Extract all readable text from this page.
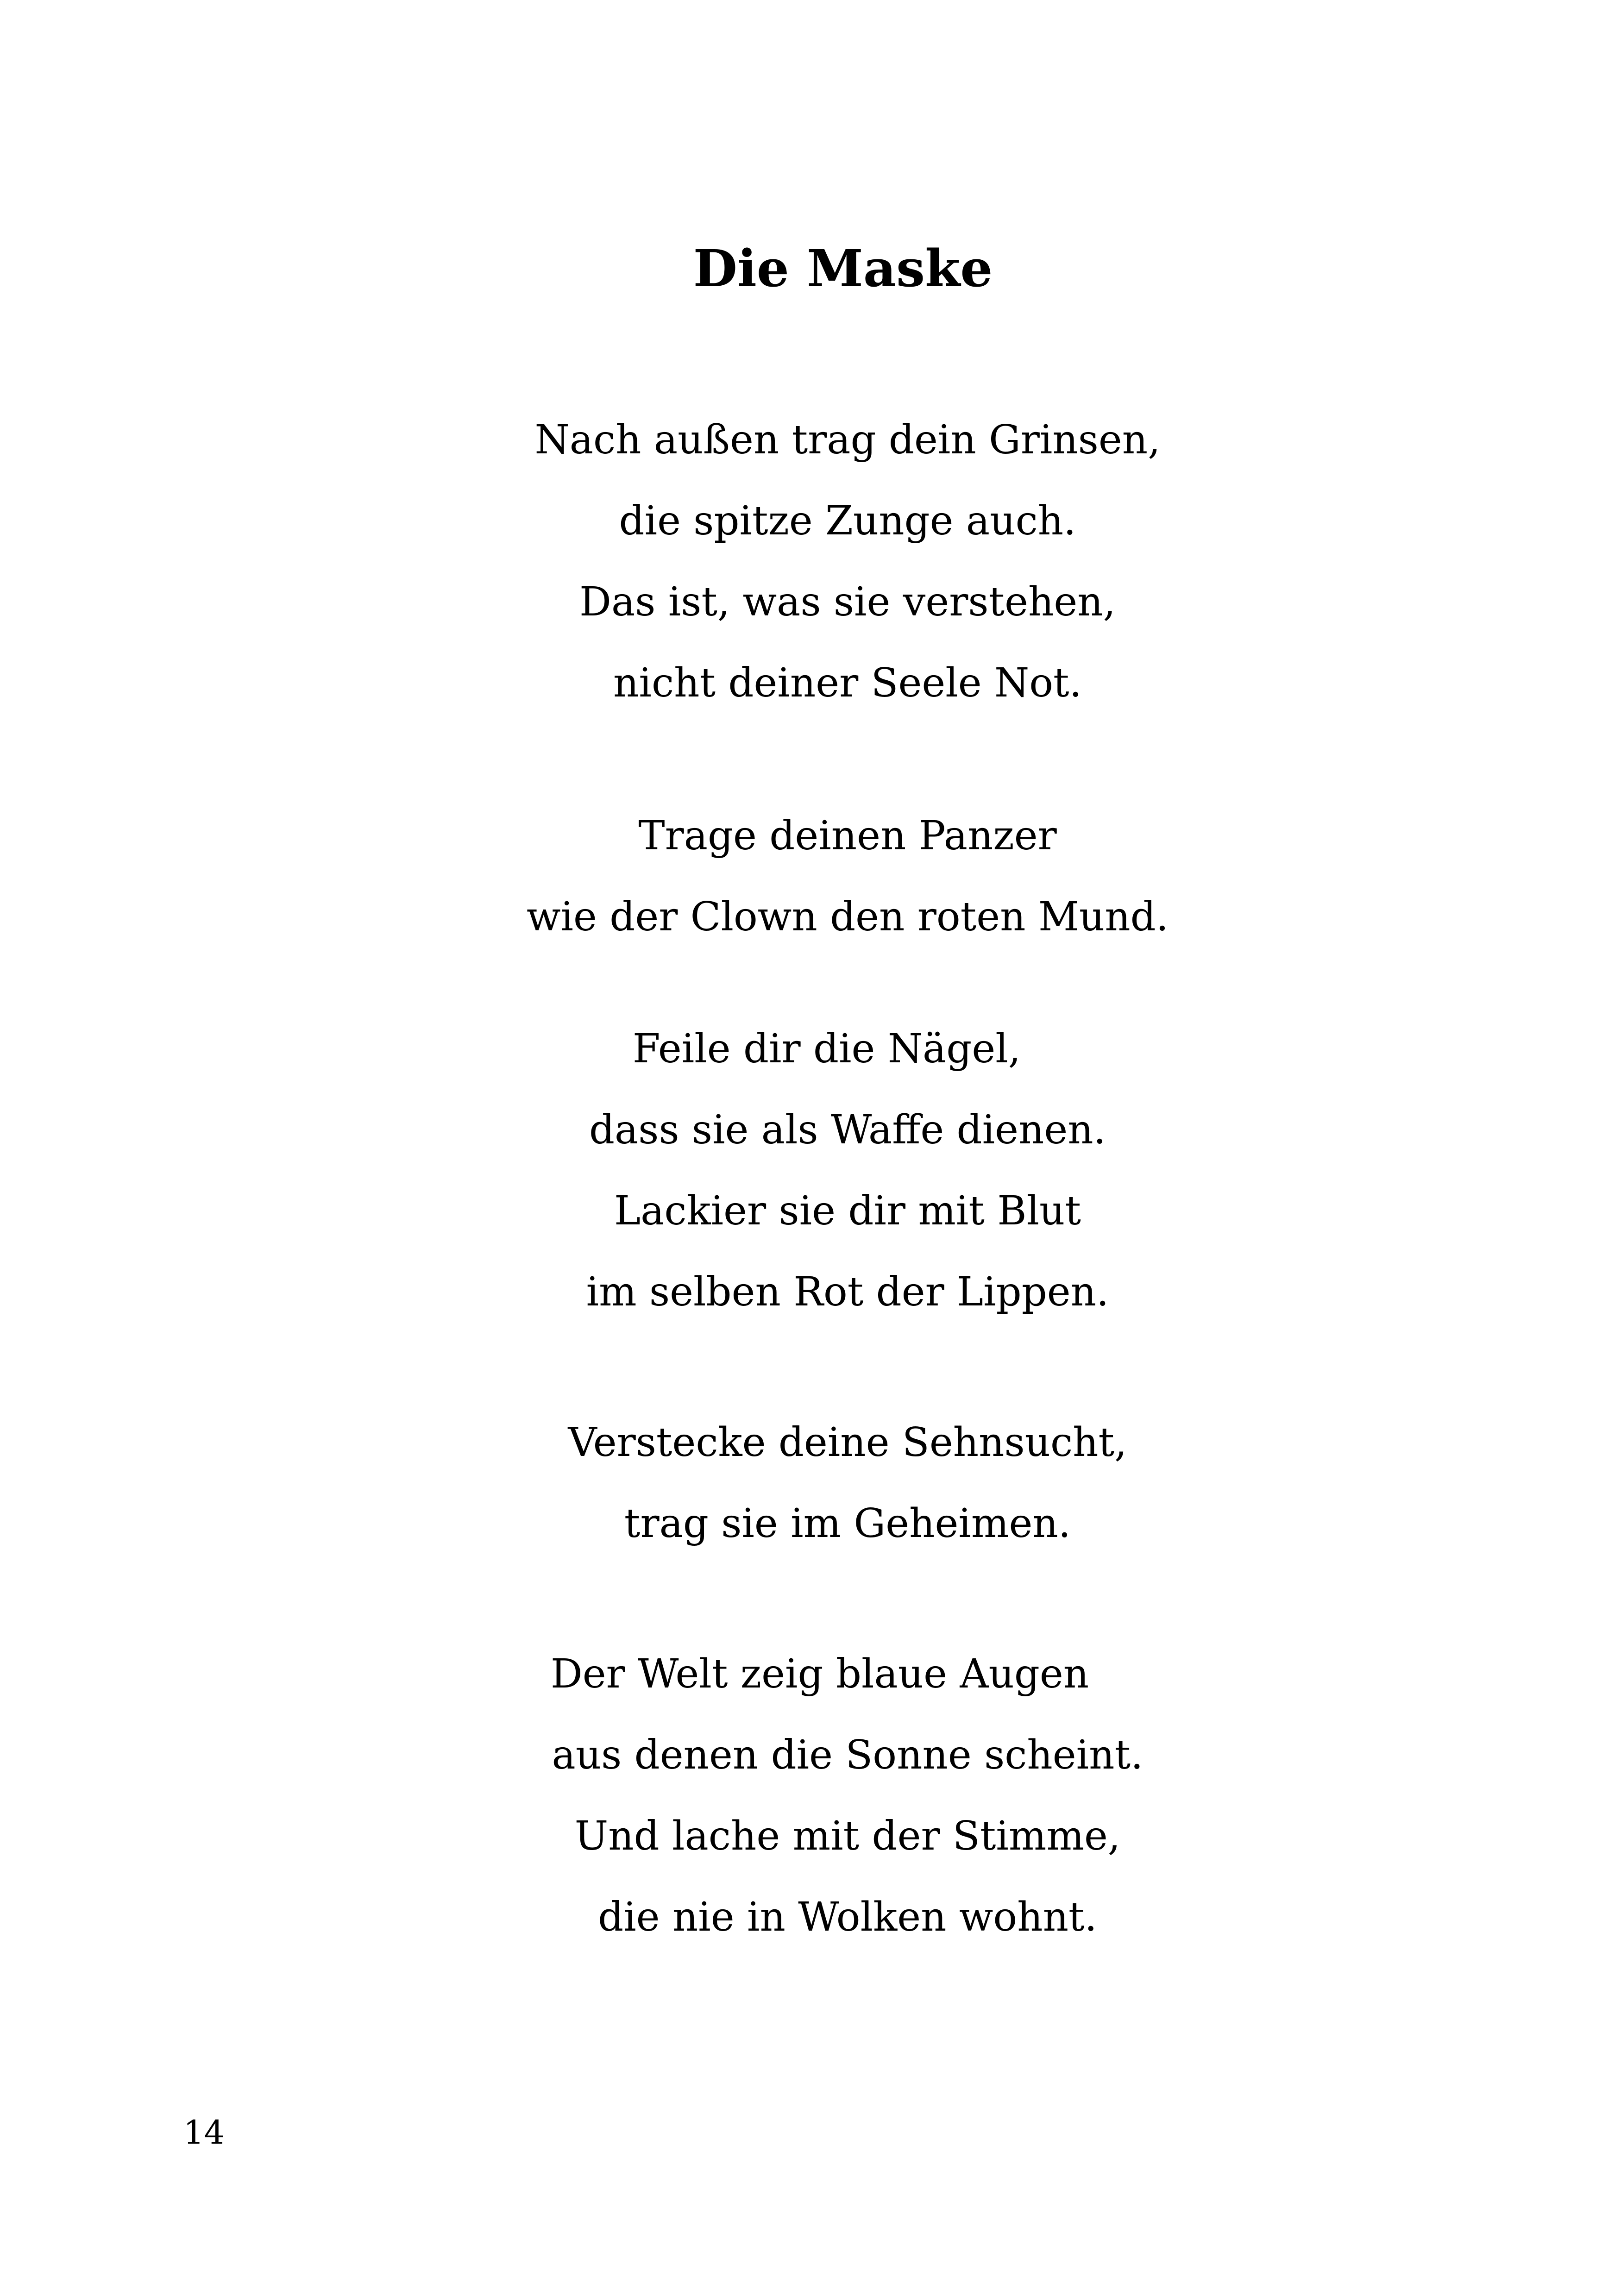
Die Maske
Nach außen trag dein Grinsen,
die spitze Zunge auch.
Das ist, was sie verstehen,
nicht deiner Seele Not.
Trage deinen Panzer
wie der Clown den roten Mund.
Feile dir die Nägel,
dass sie als Waffe dienen.
Lackier sie dir mit Blut
im selben Rot der Lippen.
Verstecke deine Sehnsucht,
trag sie im Geheimen.
Der Welt zeig blaue Augen
aus denen die Sonne scheint.
Und lache mit der Stimme,
die nie in Wolken wohnt.
14
